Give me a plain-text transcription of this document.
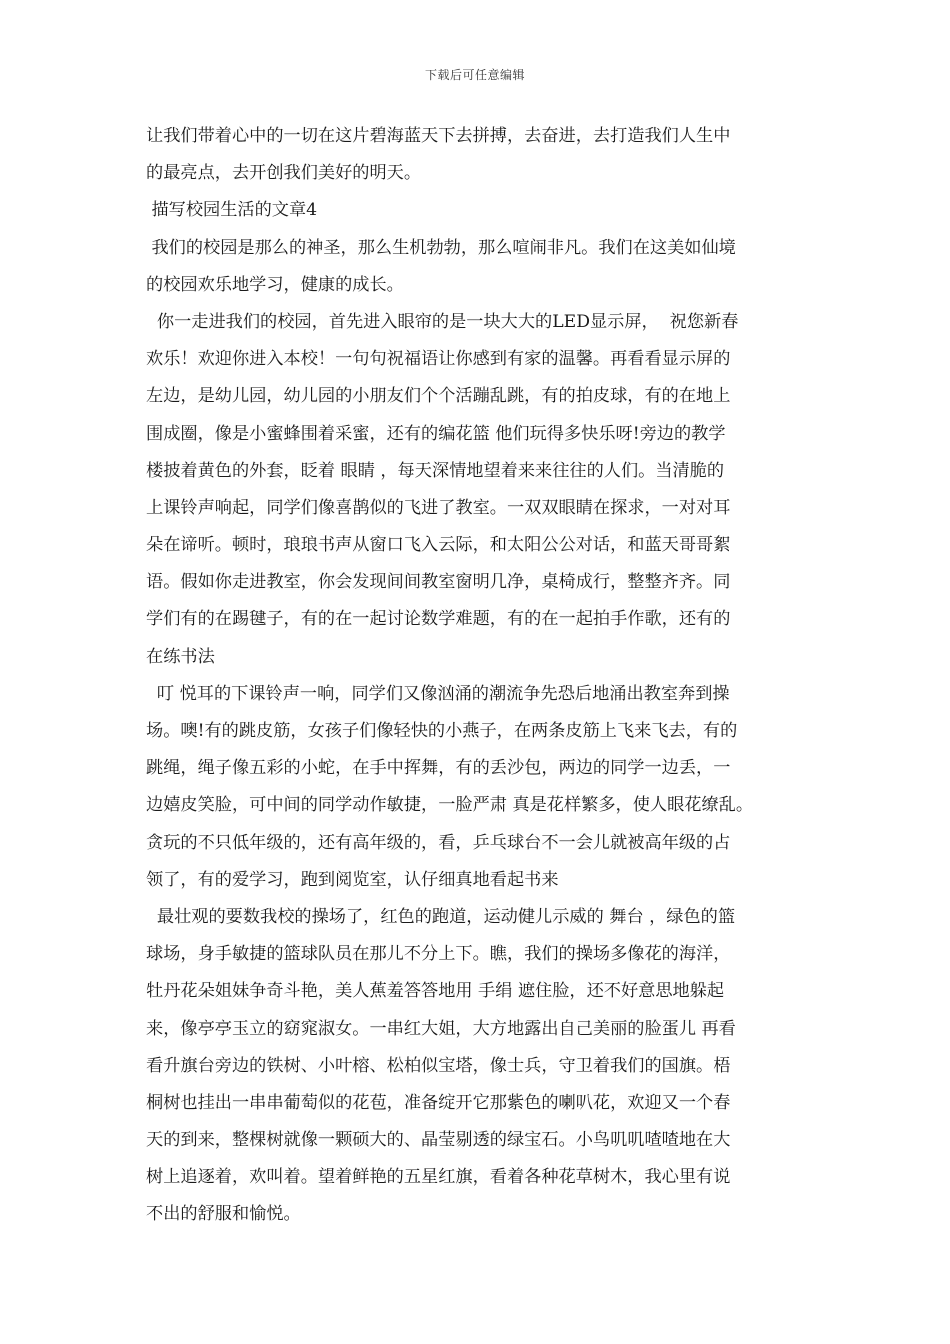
下载后可任意编辑
让我们带着心中的一切在这片碧海蓝天下去拼搏，去奋进，去打造我们人生中
的最亮点，去开创我们美好的明天。
描写校园生活的文章4
我们的校园是那么的神圣，那么生机勃勃，那么喧闹非凡。我们在这美如仙境
的校园欢乐地学习，健康的成长。
你一走进我们的校园，首先进入眼帘的是一块大大的LED显示屏，  祝您新春
欢乐！欢迎你进入本校！一句句祝福语让你感到有家的温馨。再看看显示屏的
左边，是幼儿园，幼儿园的小朋友们个个活蹦乱跳，有的拍皮球，有的在地上
围成圈，像是小蜜蜂围着采蜜，还有的编花篮 他们玩得多快乐呀!旁边的教学
楼披着黄色的外套，眨着 眼睛 ，每天深情地望着来来往往的人们。当清脆的
上课铃声响起，同学们像喜鹊似的飞进了教室。一双双眼睛在探求，一对对耳
朵在谛听。顿时，琅琅书声从窗口飞入云际，和太阳公公对话，和蓝天哥哥絮
语。假如你走进教室，你会发现间间教室窗明几净，桌椅成行，整整齐齐。同
学们有的在踢毽子，有的在一起讨论数学难题，有的在一起拍手作歌，还有的
在练书法
叮 悦耳的下课铃声一响，同学们又像汹涌的潮流争先恐后地涌出教室奔到操
场。噢!有的跳皮筋，女孩子们像轻快的小燕子，在两条皮筋上飞来飞去，有的
跳绳，绳子像五彩的小蛇，在手中挥舞，有的丢沙包，两边的同学一边丢，一
边嬉皮笑脸，可中间的同学动作敏捷，一脸严肃 真是花样繁多，使人眼花缭乱。
贪玩的不只低年级的，还有高年级的，看，乒乓球台不一会儿就被高年级的占
领了，有的爱学习，跑到阅览室，认仔细真地看起书来
最壮观的要数我校的操场了，红色的跑道，运动健儿示威的 舞台 ，绿色的篮
球场，身手敏捷的篮球队员在那儿不分上下。瞧，我们的操场多像花的海洋，
牡丹花朵姐妹争奇斗艳，美人蕉羞答答地用 手绢 遮住脸，还不好意思地躲起
来，像亭亭玉立的窈窕淑女。一串红大姐，大方地露出自己美丽的脸蛋儿 再看
看升旗台旁边的铁树、小叶榕、松柏似宝塔，像士兵，守卫着我们的国旗。梧
桐树也挂出一串串葡萄似的花苞，准备绽开它那紫色的喇叭花，欢迎又一个春
天的到来，整棵树就像一颗硕大的、晶莹剔透的绿宝石。小鸟叽叽喳喳地在大
树上追逐着，欢叫着。望着鲜艳的五星红旗，看着各种花草树木，我心里有说
不出的舒服和愉悦。
